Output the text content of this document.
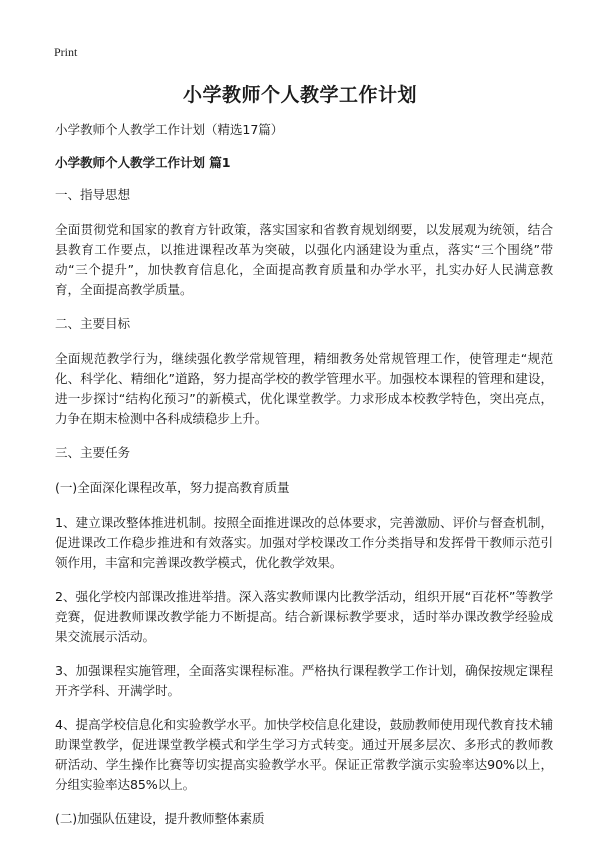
Print
小学教师个人教学工作计划

小学教师个人教学工作计划（精选17篇）

小学教师个人教学工作计划 篇1

一、指导思想

全面贯彻党和国家的教育方针政策，落实国家和省教育规划纲要，以发展观为统领，结合县教育工作要点，以推进课程改革为突破，以强化内涵建设为重点，落实“三个围绕”带动“三个提升”，加快教育信息化，全面提高教育质量和办学水平，扎实办好人民满意教育，全面提高教学质量。

二、主要目标

全面规范教学行为，继续强化教学常规管理，精细教务处常规管理工作，使管理走“规范化、科学化、精细化”道路，努力提高学校的教学管理水平。加强校本课程的管理和建设，进一步探讨“结构化预习”的新模式，优化课堂教学。力求形成本校教学特色，突出亮点，力争在期末检测中各科成绩稳步上升。

三、主要任务

(一)全面深化课程改革，努力提高教育质量

1、建立课改整体推进机制。按照全面推进课改的总体要求，完善激励、评价与督查机制，促进课改工作稳步推进和有效落实。加强对学校课改工作分类指导和发挥骨干教师示范引领作用，丰富和完善课改教学模式，优化教学效果。

2、强化学校内部课改推进举措。深入落实教师课内比教学活动，组织开展“百花杯”等教学竞赛，促进教师课改教学能力不断提高。结合新课标教学要求，适时举办课改教学经验成果交流展示活动。

3、加强课程实施管理，全面落实课程标准。严格执行课程教学工作计划，确保按规定课程开齐学科、开满学时。

4、提高学校信息化和实验教学水平。加快学校信息化建设，鼓励教师使用现代教育技术辅助课堂教学，促进课堂教学模式和学生学习方式转变。通过开展多层次、多形式的教师教研活动、学生操作比赛等切实提高实验教学水平。保证正常教学演示实验率达90%以上，分组实验率达85%以上。

(二)加强队伍建设，提升教师整体素质
